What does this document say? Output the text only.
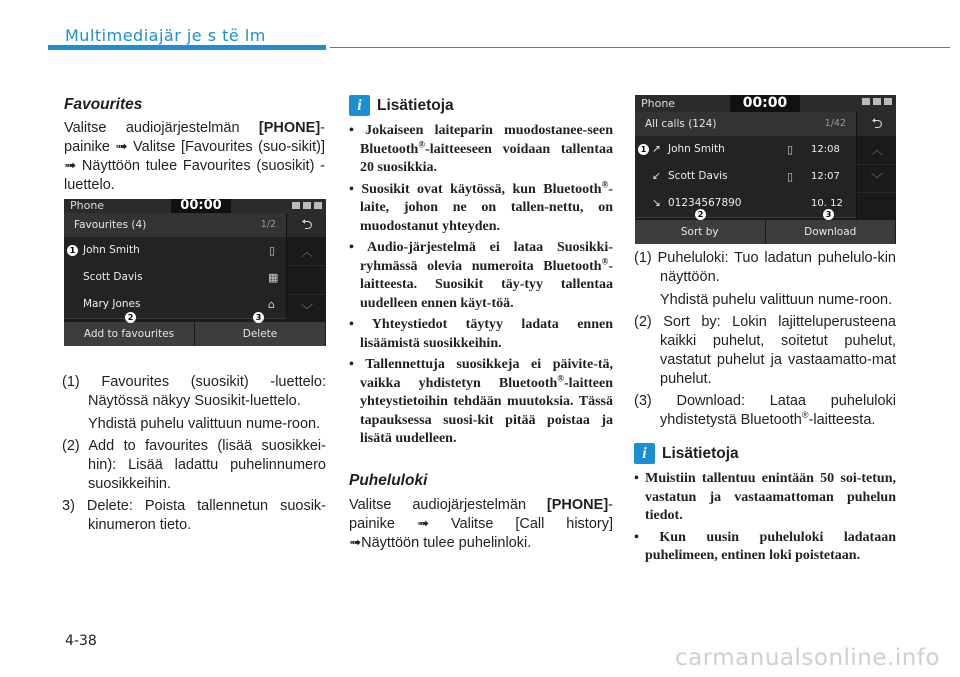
Multimediajär je s tё lm
Favourites

Valitse audiojärjestelmän [PHONE]-painike ➟ Valitse [Favourites (suo-sikit)] ➟ Näyttöön tulee Favourites (suosikit) -luettelo.

Phone	00:00
Favourites (4)	1/2	⮌
1 John Smith	▯
Scott Davis	▦
Mary Jones	⌂
︿
﹀
Add to favourites	Delete
2	3
(1) Favourites (suosikit) -luettelo: Näytössä näkyy Suosikit-luettelo.
Yhdistä puhelu valittuun nume-roon.
(2) Add to favourites (lisää suosikkei-hin): Lisää ladattu puhelinnumero suosikkeihin.
3) Delete: Poista tallennetun suosik-kinumeron tieto.
i Lisätietoja
• Jokaiseen laiteparin muodostanee-seen Bluetooth®-laitteeseen voidaan tallentaa 20 suosikkia.
• Suosikit ovat käytössä, kun Bluetooth®-laite, johon ne on tallen-nettu, on muodostanut yhteyden.
• Audio-järjestelmä ei lataa Suosikki-ryhmässä olevia numeroita Bluetooth®-laitteesta. Suosikit täy-tyy tallentaa uudelleen ennen käyt-töä.
• Yhteystiedot täytyy ladata ennen lisäämistä suosikkeihin.
• Tallennettuja suosikkeja ei päivite-tä, vaikka yhdistetyn Bluetooth®-laitteen yhteystietoihin tehdään muutoksia. Tässä tapauksessa suosi-kit pitää poistaa ja lisätä uudelleen.
Puheluloki

Valitse audiojärjestelmän [PHONE]-painike ➟ Valitse [Call history] ➟Näyttöön tulee puhelinloki.

Phone	00:00
All calls (124)	1/42	⮌
1 ↗ John Smith	▯ 12:08
↙ Scott Davis	▯ 12:07
↘ 01234567890	10. 12
︿
﹀
Sort by	Download
2	3
(1) Puheluloki: Tuo ladatun puhelulo-kin näyttöön.
Yhdistä puhelu valittuun nume-roon.
(2) Sort by: Lokin lajitteluperusteena kaikki puhelut, soitetut puhelut, vastatut puhelut ja vastaamatto-mat puhelut.
(3) Download: Lataa puheluloki yhdistetystä Bluetooth®-laitteesta.
i Lisätietoja
• Muistiin tallentuu enintään 50 soi-tetun, vastatun ja vastaamattoman puhelun tiedot.
• Kun uusin puheluloki ladataan puhelimeen, entinen loki poistetaan.
4-38
carmanualsonline.info
